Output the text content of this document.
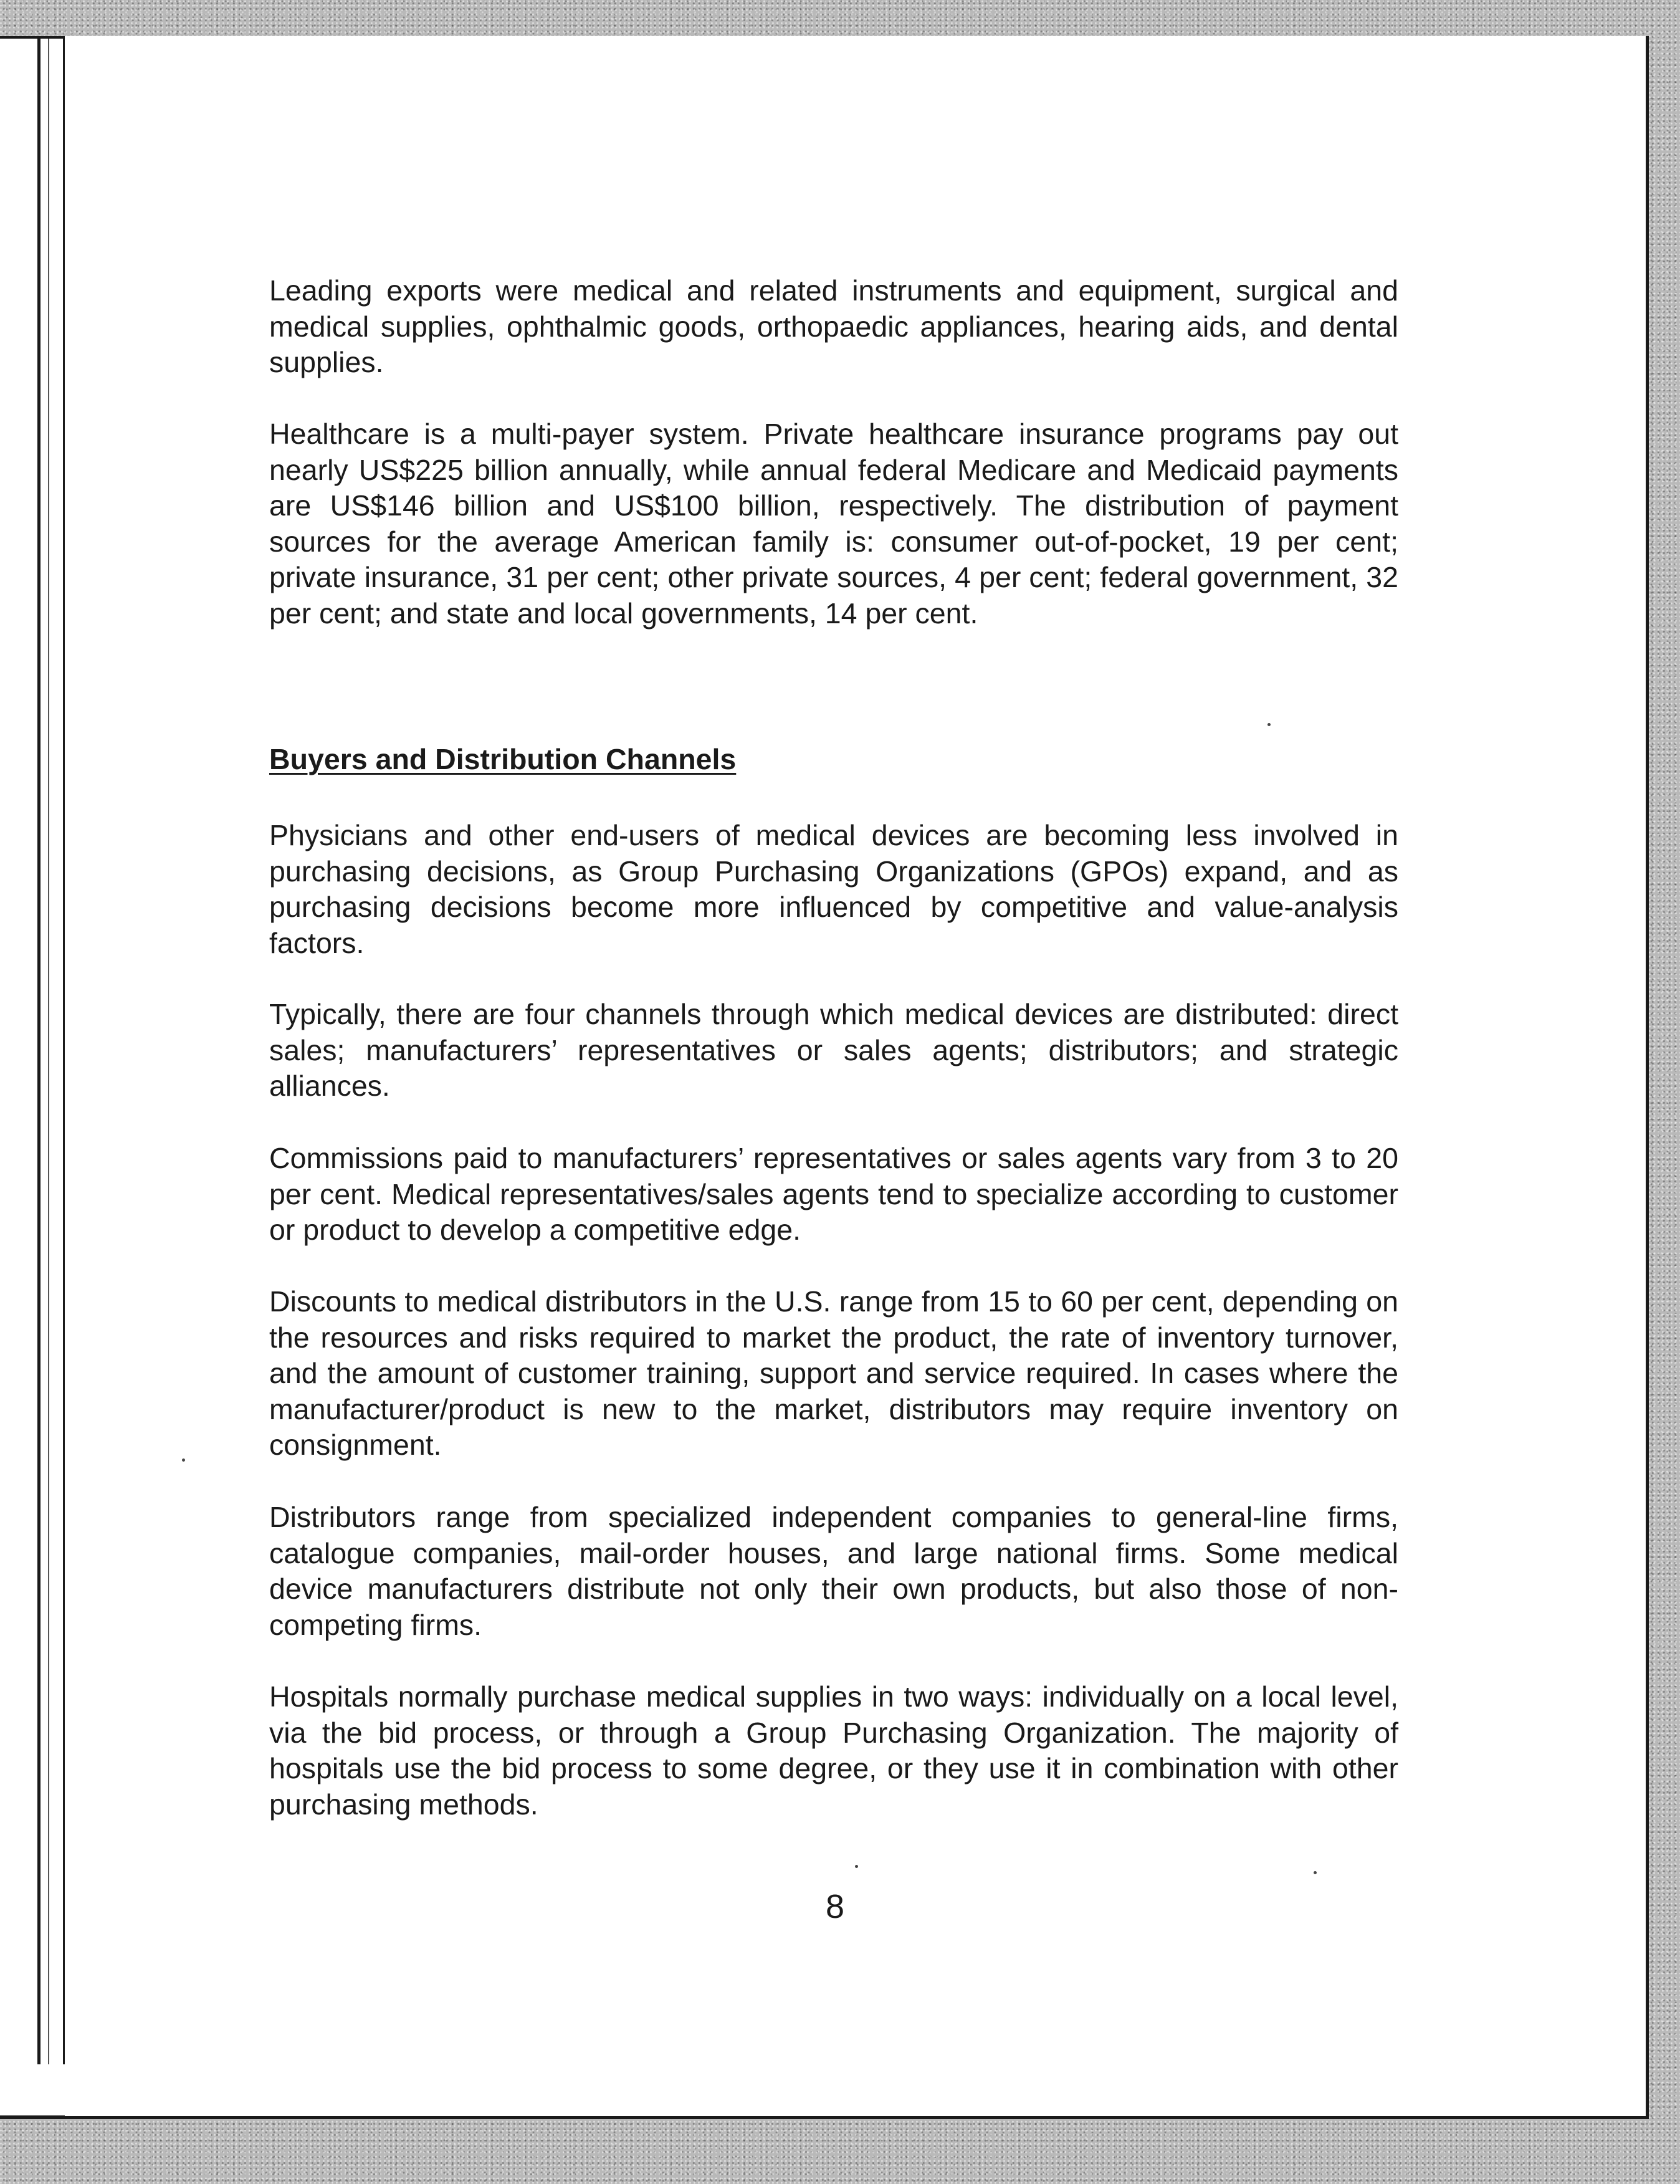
Leading exports were medical and related instruments and equipment, surgical and medical supplies, ophthalmic goods, orthopaedic appliances, hearing aids, and dental supplies.

Healthcare is a multi-payer system. Private healthcare insurance programs pay out nearly US$225 billion annually, while annual federal Medicare and Medicaid payments are US$146 billion and US$100 billion, respectively. The distribution of payment sources for the average American family is: consumer out-of-pocket, 19 per cent; private insurance, 31 per cent; other private sources, 4 per cent; federal government, 32 per cent; and state and local governments, 14 per cent.

Buyers and Distribution Channels

Physicians and other end-users of medical devices are becoming less involved in purchasing decisions, as Group Purchasing Organizations (GPOs) expand, and as purchasing decisions become more influenced by competitive and value-analysis factors.

Typically, there are four channels through which medical devices are distributed: direct sales; manufacturers’ representatives or sales agents; distributors; and strategic alliances.

Commissions paid to manufacturers’ representatives or sales agents vary from 3 to 20 per cent. Medical representatives/sales agents tend to specialize according to customer or product to develop a competitive edge.

Discounts to medical distributors in the U.S. range from 15 to 60 per cent, depending on the resources and risks required to market the product, the rate of inventory turnover, and the amount of customer training, support and service required. In cases where the manufacturer/product is new to the market, distributors may require inventory on consignment.

Distributors range from specialized independent companies to general-line firms, catalogue companies, mail-order houses, and large national firms. Some medical device manufacturers distribute not only their own products, but also those of non-competing firms.

Hospitals normally purchase medical supplies in two ways: individually on a local level, via the bid process, or through a Group Purchasing Organization. The majority of hospitals use the bid process to some degree, or they use it in combination with other purchasing methods.

8
